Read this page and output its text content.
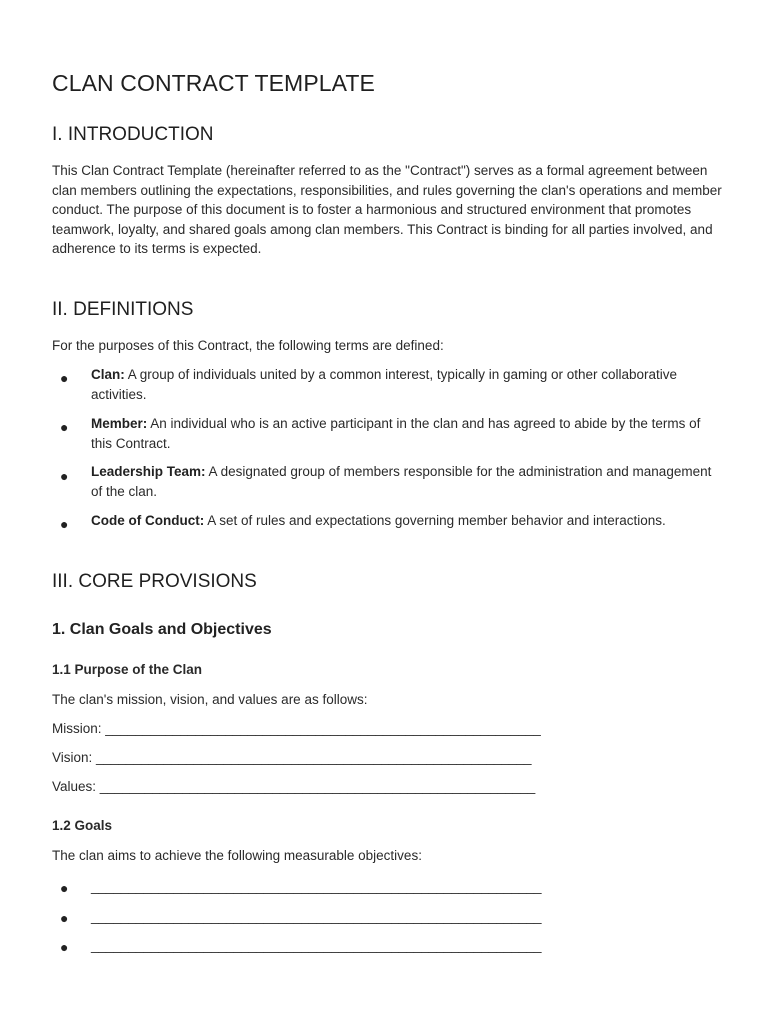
CLAN CONTRACT TEMPLATE
I. INTRODUCTION

This Clan Contract Template (hereinafter referred to as the "Contract") serves as a formal agreement between clan members outlining the expectations, responsibilities, and rules governing the clan's operations and member conduct. The purpose of this document is to foster a harmonious and structured environment that promotes teamwork, loyalty, and shared goals among clan members. This Contract is binding for all parties involved, and adherence to its terms is expected.

II. DEFINITIONS

For the purposes of this Contract, the following terms are defined:

● Clan: A group of individuals united by a common interest, typically in gaming or other collaborative activities.

● Member: An individual who is an active participant in the clan and has agreed to abide by the terms of this Contract.

● Leadership Team: A designated group of members responsible for the administration and management of the clan.

● Code of Conduct: A set of rules and expectations governing member behavior and interactions.

III. CORE PROVISIONS
1. Clan Goals and Objectives
1.1 Purpose of the Clan

The clan's mission, vision, and values are as follows:

Mission: __________________________________________________________

Vision: __________________________________________________________

Values: __________________________________________________________

1.2 Goals

The clan aims to achieve the following measurable objectives:

● ____________________________________________________________

● ____________________________________________________________

● ____________________________________________________________
